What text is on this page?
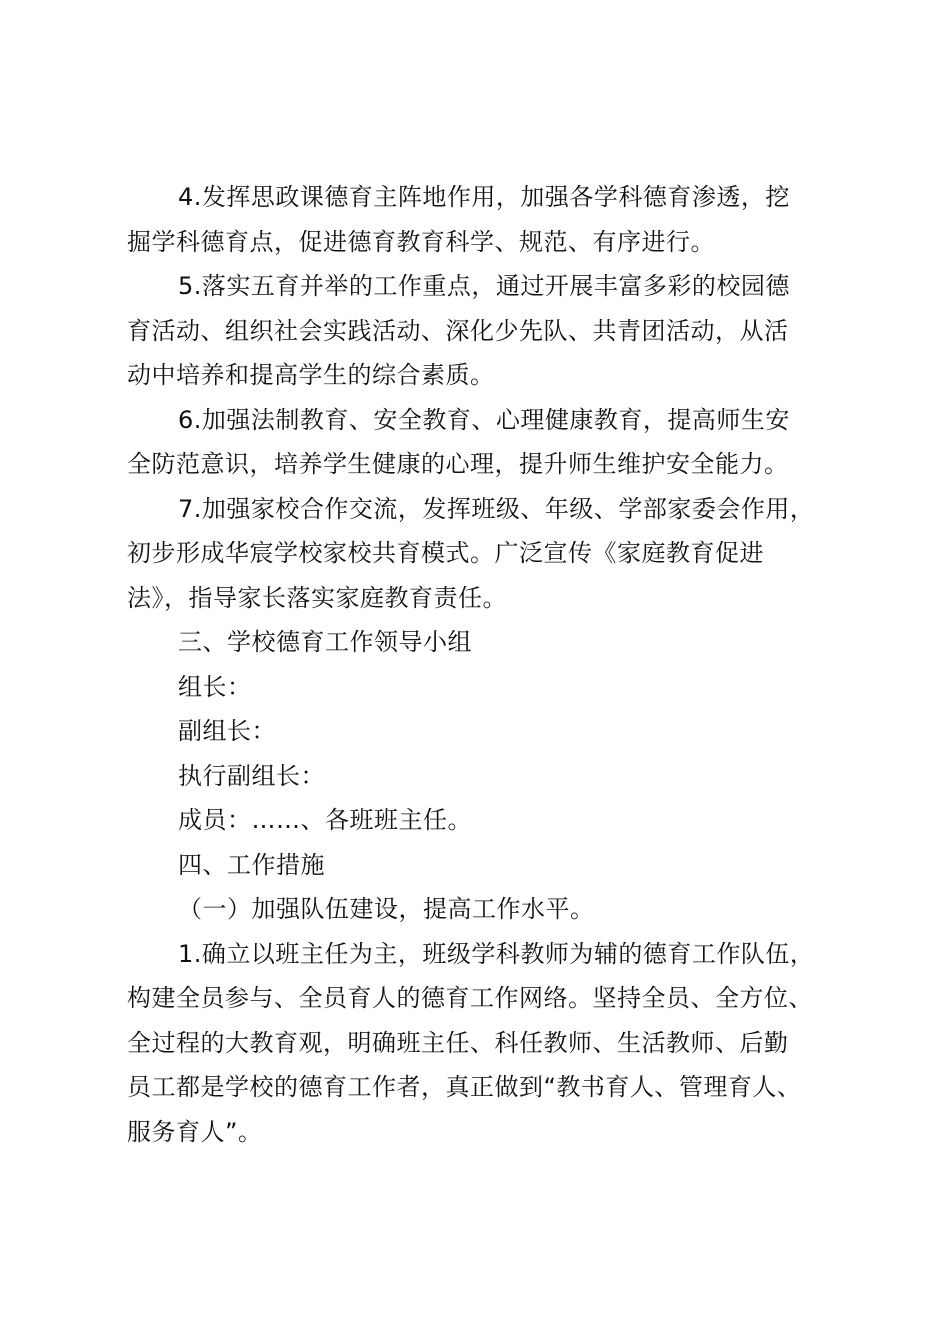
4.发挥思政课德育主阵地作用，加强各学科德育渗透，挖
掘学科德育点，促进德育教育科学、规范、有序进行。
5.落实五育并举的工作重点，通过开展丰富多彩的校园德
育活动、组织社会实践活动、深化少先队、共青团活动，从活
动中培养和提高学生的综合素质。
6.加强法制教育、安全教育、心理健康教育，提高师生安
全防范意识，培养学生健康的心理，提升师生维护安全能力。
7.加强家校合作交流，发挥班级、年级、学部家委会作用，
初步形成华宸学校家校共育模式。广泛宣传《家庭教育促进
法》，指导家长落实家庭教育责任。
三、学校德育工作领导小组
组长：
副组长：
执行副组长：
成员：……、各班班主任。
四、工作措施
（一）加强队伍建设，提高工作水平。
1.确立以班主任为主，班级学科教师为辅的德育工作队伍，
构建全员参与、全员育人的德育工作网络。坚持全员、全方位、
全过程的大教育观，明确班主任、科任教师、生活教师、后勤
员工都是学校的德育工作者，真正做到“教书育人、管理育人、
服务育人”。
